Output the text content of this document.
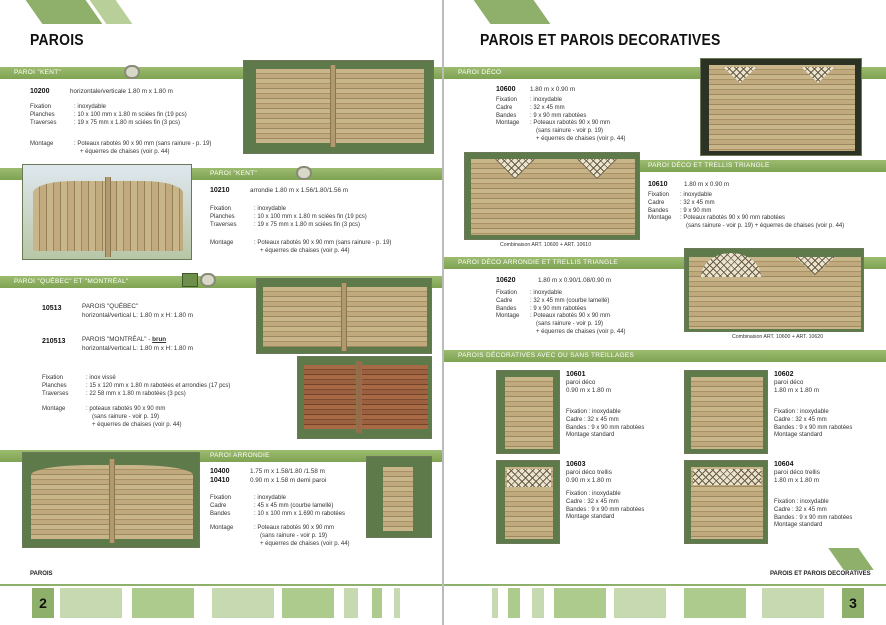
PAROIS
PAROI "KENT"
10200	horizontale/verticale 1.80 m x 1.80 m
Fixation	: inoxydable
Planches	: 10 x 100 mm x 1.80 m sciées fin (19 pcs)
Traverses	: 19 x 75 mm x 1.80 m sciées fin (3 pcs)
Montage	: Poteaux rabotés 90 x 90 mm (sans rainure - p. 19)
+ équerres de chaises (voir p. 44)
PAROI "KENT"
10210	arrondie 1.80 m x 1.56/1.80/1.56 m
Fixation	: inoxydable
Planches	: 10 x 100 mm x 1.80 m sciées fin (19 pcs)
Traverses	: 19 x 75 mm x 1.80 m sciées fin (3 pcs)
Montage	: Poteaux rabotés 90 x 90 mm (sans rainure - p. 19)
+ équerres de chaises (voir p. 44)
PAROI "QUÉBEC" ET "MONTRÉAL"
10513	PAROIS "QUÉBEC"
horizontal/vertical L: 1.80 m x H: 1.80 m
210513	PAROIS "MONTRÉAL" - brun
horizontal/vertical L: 1.80 m x H: 1.80 m
Fixation	: inox vissé
Planches	: 15 x 120 mm x 1.80 m rabotées et arrondies (17 pcs)
Traverses	: 22 58 mm x 1.80 m rabotées (3 pcs)
Montage	: poteaux rabotés 90 x 90 mm
(sans rainure - voir p. 19)
+ équerres de chaises (voir p. 44)
PAROI ARRONDIE
10400	1.75 m x 1.58/1.80 /1.58 m
10410	0.90 m x 1.58 m demi paroi
Fixation	: inoxydable
Cadre	: 45 x 45 mm (courbe lamellé)
Bandes	: 10 x 100 mm x 1.690 m rabotées
Montage	: Poteaux rabotés 90 x 90 mm
(sans rainure - voir p. 19)
+ équerres de chaises (voir p. 44)
PAROIS
2
PAROIS ET PAROIS DECORATIVES
PAROI DÉCO
10600 1.80 m x 0.90 m
Fixation	: inoxydable
Cadre	: 32 x 45 mm
Bandes	: 9 x 90 mm rabotées
Montage	: Poteaux rabotés 90 x 90 mm
(sans rainure - voir p. 19)
+ équerres de chaises (voir p. 44)
Combinaison ART. 10600 + ART. 10610
PAROI DÉCO ET TRELLIS TRIANGLE
10610	1.80 m x 0.90 m
Fixation	: inoxydable
Cadre	: 32 x 45 mm
Bandes	: 9 x 90 mm
Montage	: Poteaux rabotés 90 x 90 mm rabotées
(sans rainure - voir p. 19) + équerres de chaises (voir p. 44)
PAROI DÉCO ARRONDIE ET TRELLIS TRIANGLE
10620	1.80 m x 0.90/1.08/0.90 m
Fixation	: inoxydable
Cadre	: 32 x 45 mm (courbe lamellé)
Bandes	: 9 x 90 mm rabotées
Montage	: Poteaux rabotés 90 x 90 mm
(sans rainure - voir p. 19)
+ équerres de chaises (voir p. 44)
Combinaison ART. 10600 + ART. 10620
PAROIS DÉCORATIVES AVEC OU SANS TREILLAGES
10601
paroi déco
0.90 m x 1.80 m
Fixation : inoxydable
Cadre : 32 x 45 mm
Bandes : 9 x 90 mm rabotées
Montage standard
10602
paroi déco
1.80 m x 1.80 m
Fixation : inoxydable
Cadre : 32 x 45 mm
Bandes : 9 x 90 mm rabotées
Montage standard
10603
paroi déco trellis
0.90 m x 1.80 m
Fixation : inoxydable
Cadre : 32 x 45 mm
Bandes : 9 x 90 mm rabotées
Montage standard
10604
paroi déco trellis
1.80 m x 1.80 m
Fixation : inoxydable
Cadre : 32 x 45 mm
Bandes : 9 x 90 mm rabotées
Montage standard
PAROIS ET PAROIS DECORATIVES
3
